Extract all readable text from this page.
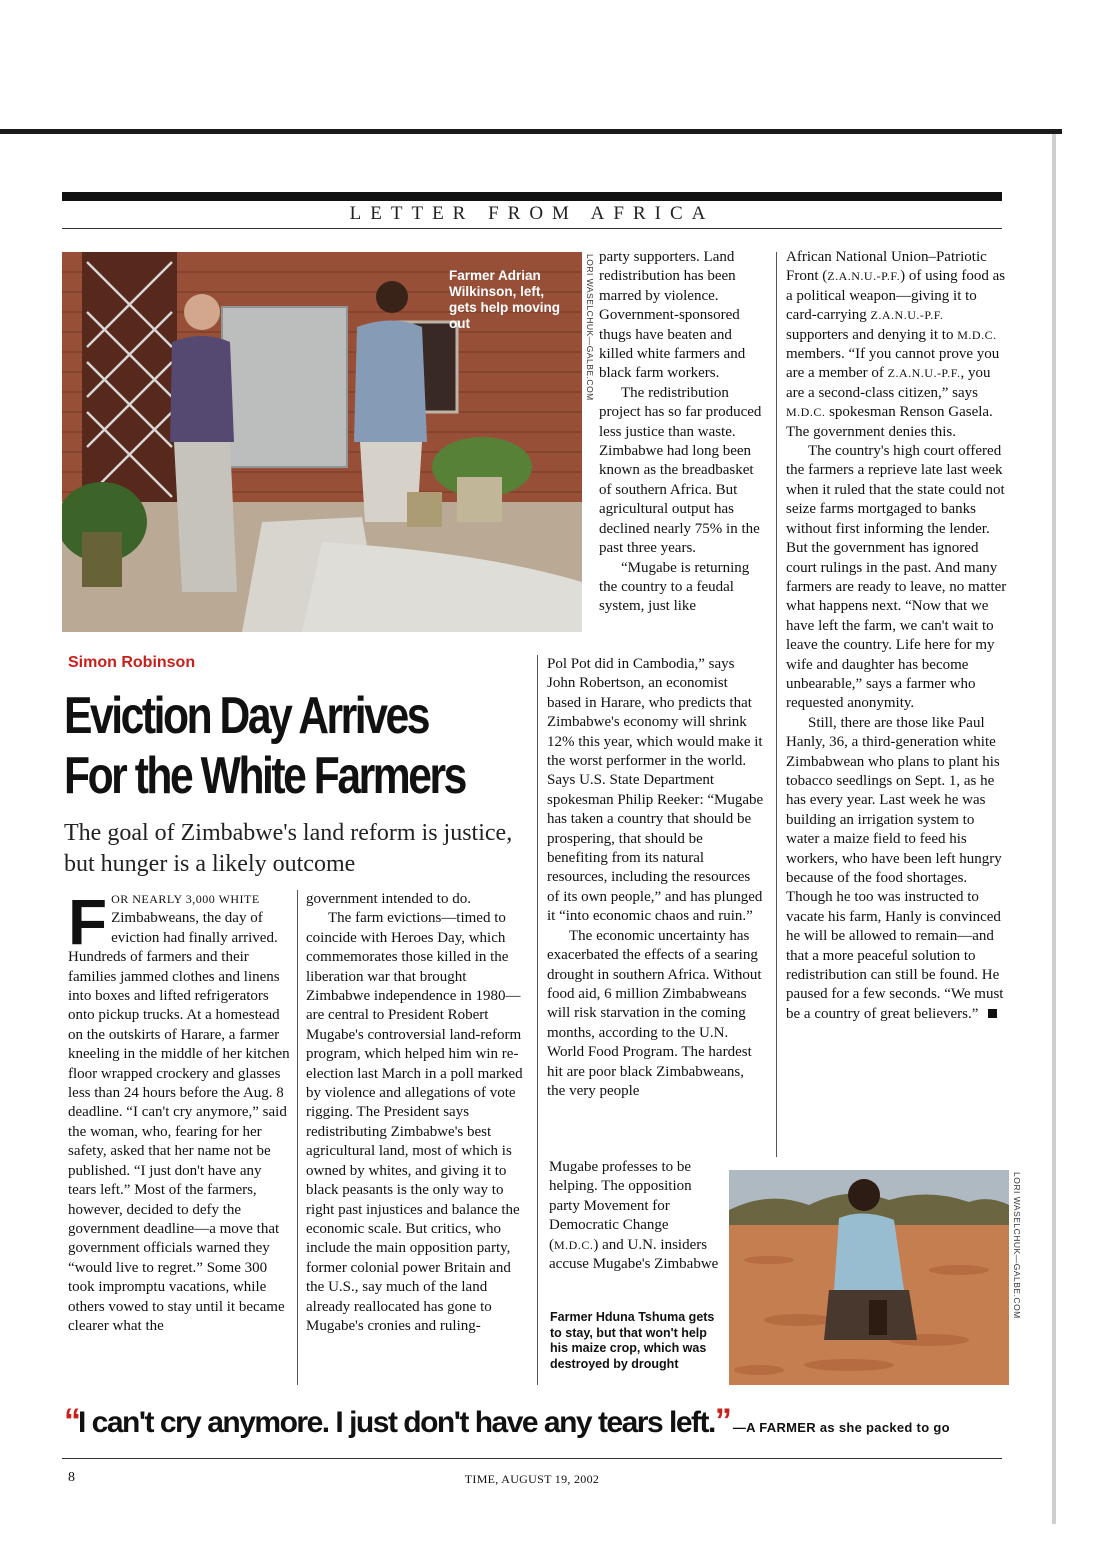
LETTER FROM AFRICA
Farmer Adrian Wilkinson, left, gets help moving out	LORI WASELCHUK—GALBE.COM
Simon Robinson
Eviction Day Arrives
For the White Farmers
The goal of Zimbabwe's land reform is justice, but hunger is a likely outcome

F OR NEARLY 3,000 WHITE Zimbabweans, the day of eviction had finally arrived. Hundreds of farmers and their families jammed clothes and linens into boxes and lifted refrigerators onto pickup trucks. At a homestead on the outskirts of Harare, a farmer kneeling in the middle of her kitchen floor wrapped crockery and glasses less than 24 hours before the Aug. 8 deadline. “I can't cry anymore,” said the woman, who, fearing for her safety, asked that her name not be published. “I just don't have any tears left.” Most of the farmers, however, decided to defy the government deadline—a move that government officials warned they “would live to regret.” Some 300 took impromptu vacations, while others vowed to stay until it became clearer what the

government intended to do.

The farm evictions—timed to coincide with Heroes Day, which commemorates those killed in the liberation war that brought Zimbabwe independence in 1980—are central to President Robert Mugabe's controversial land-reform program, which helped him win re-election last March in a poll marked by violence and allegations of vote rigging. The President says redistributing Zimbabwe's best agricultural land, most of which is owned by whites, and giving it to black peasants is the only way to right past injustices and balance the economic scale. But critics, who include the main opposition party, former colonial power Britain and the U.S., say much of the land already reallocated has gone to Mugabe's cronies and ruling-

party supporters. Land redistribution has been marred by violence. Government-sponsored thugs have beaten and killed white farmers and black farm workers.

The redistribution project has so far produced less justice than waste. Zimbabwe had long been known as the breadbasket of southern Africa. But agricultural output has declined nearly 75% in the past three years.

“Mugabe is returning the country to a feudal system, just like

Pol Pot did in Cambodia,” says John Robertson, an economist based in Harare, who predicts that Zimbabwe's economy will shrink 12% this year, which would make it the worst performer in the world. Says U.S. State Department spokesman Philip Reeker: “Mugabe has taken a country that should be prospering, that should be benefiting from its natural resources, including the resources of its own people,” and has plunged it “into economic chaos and ruin.”

The economic uncertainty has exacerbated the effects of a searing drought in southern Africa. Without food aid, 6 million Zimbabweans will risk starvation in the coming months, according to the U.N. World Food Program. The hardest hit are poor black Zimbabweans, the very people

Mugabe professes to be helping. The opposition party Movement for Democratic Change (M.D.C.) and U.N. insiders accuse Mugabe's Zimbabwe

Farmer Hduna Tshuma gets to stay, but that won't help his maize crop, which was destroyed by drought

African National Union–Patriotic Front (Z.A.N.U.-P.F.) of using food as a political weapon—giving it to card-carrying Z.A.N.U.-P.F. supporters and denying it to M.D.C. members. “If you cannot prove you are a member of Z.A.N.U.-P.F., you are a second-class citizen,” says M.D.C. spokesman Renson Gasela. The government denies this.

The country's high court offered the farmers a reprieve late last week when it ruled that the state could not seize farms mortgaged to banks without first informing the lender. But the government has ignored court rulings in the past. And many farmers are ready to leave, no matter what happens next. “Now that we have left the farm, we can't wait to leave the country. Life here for my wife and daughter has become unbearable,” says a farmer who requested anonymity.

Still, there are those like Paul Hanly, 36, a third-generation white Zimbabwean who plans to plant his tobacco seedlings on Sept. 1, as he has every year. Last week he was building an irrigation system to water a maize field to feed his workers, who have been left hungry because of the food shortages. Though he too was instructed to vacate his farm, Hanly is convinced he will be allowed to remain—and that a more peaceful solution to redistribution can still be found. He paused for a few seconds. “We must be a country of great believers.”

LORI WASELCHUK—GALBE.COM
“I can't cry anymore. I just don't have any tears left.” —A FARMER as she packed to go
TIME, AUGUST 19, 2002
8
